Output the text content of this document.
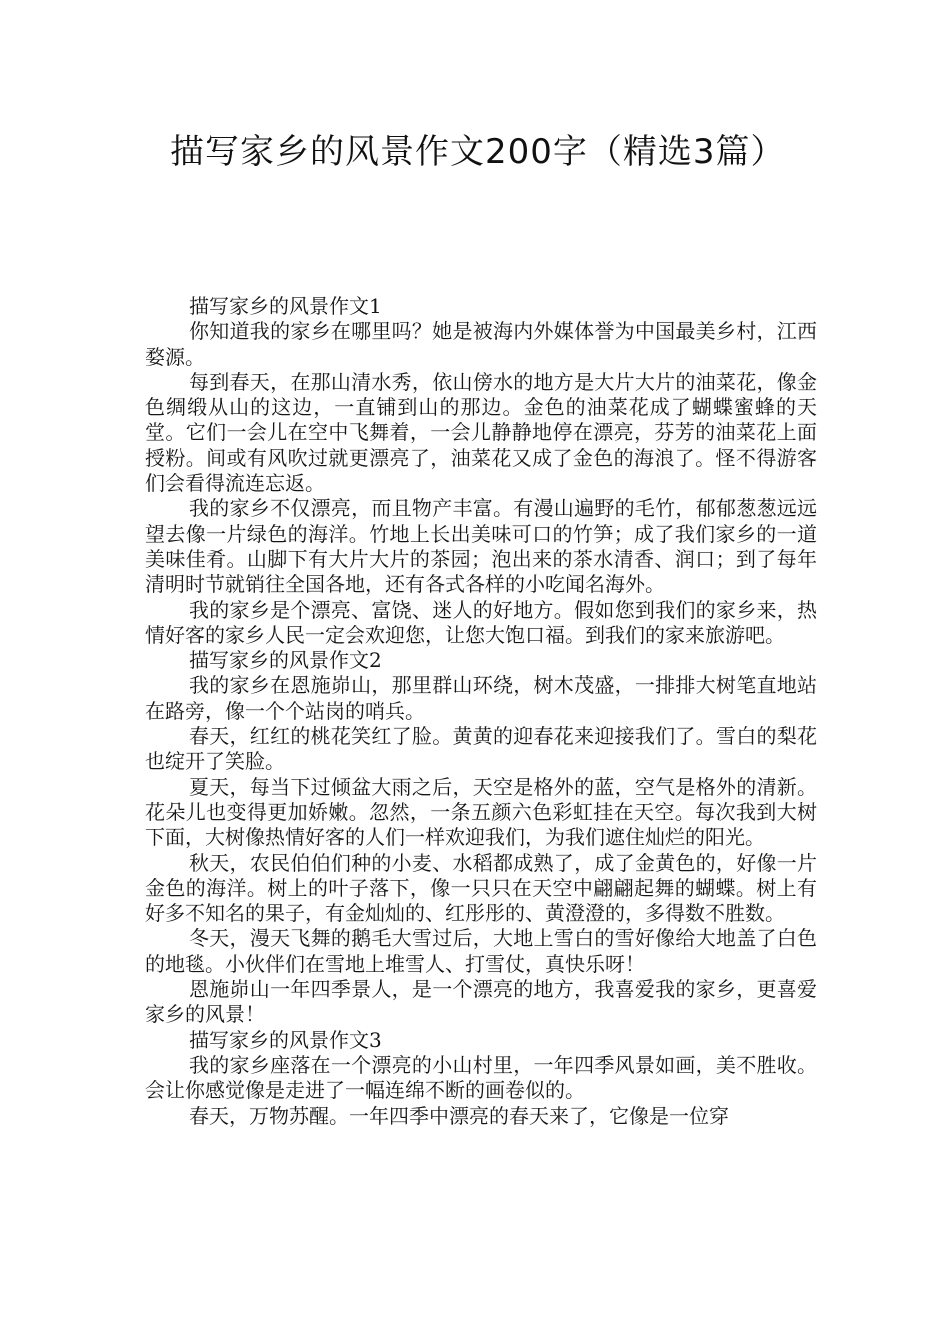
描写家乡的风景作文200字（精选3篇）

描写家乡的风景作文1

你知道我的家乡在哪里吗？她是被海内外媒体誉为中国最美乡村，江西婺源。

每到春天，在那山清水秀，依山傍水的地方是大片大片的油菜花，像金色绸缎从山的这边，一直铺到山的那边。金色的油菜花成了蝴蝶蜜蜂的天堂。它们一会儿在空中飞舞着，一会儿静静地停在漂亮，芬芳的油菜花上面授粉。间或有风吹过就更漂亮了，油菜花又成了金色的海浪了。怪不得游客们会看得流连忘返。

我的家乡不仅漂亮，而且物产丰富。有漫山遍野的毛竹，郁郁葱葱远远望去像一片绿色的海洋。竹地上长出美味可口的竹笋；成了我们家乡的一道美味佳肴。山脚下有大片大片的茶园；泡出来的茶水清香、润口；到了每年清明时节就销往全国各地，还有各式各样的小吃闻名海外。

我的家乡是个漂亮、富饶、迷人的好地方。假如您到我们的家乡来，热情好客的家乡人民一定会欢迎您，让您大饱口福。到我们的家来旅游吧。

描写家乡的风景作文2

我的家乡在恩施峁山，那里群山环绕，树木茂盛，一排排大树笔直地站在路旁，像一个个站岗的哨兵。

春天，红红的桃花笑红了脸。黄黄的迎春花来迎接我们了。雪白的梨花也绽开了笑脸。

夏天，每当下过倾盆大雨之后，天空是格外的蓝，空气是格外的清新。花朵儿也变得更加娇嫩。忽然，一条五颜六色彩虹挂在天空。每次我到大树下面，大树像热情好客的人们一样欢迎我们，为我们遮住灿烂的阳光。

秋天，农民伯伯们种的小麦、水稻都成熟了，成了金黄色的，好像一片金色的海洋。树上的叶子落下，像一只只在天空中翩翩起舞的蝴蝶。树上有好多不知名的果子，有金灿灿的、红彤彤的、黄澄澄的，多得数不胜数。

冬天，漫天飞舞的鹅毛大雪过后，大地上雪白的雪好像给大地盖了白色的地毯。小伙伴们在雪地上堆雪人、打雪仗，真快乐呀！

恩施峁山一年四季景人，是一个漂亮的地方，我喜爱我的家乡，更喜爱家乡的风景！

描写家乡的风景作文3

我的家乡座落在一个漂亮的小山村里，一年四季风景如画，美不胜收。会让你感觉像是走进了一幅连绵不断的画卷似的。

春天，万物苏醒。一年四季中漂亮的春天来了，它像是一位穿
